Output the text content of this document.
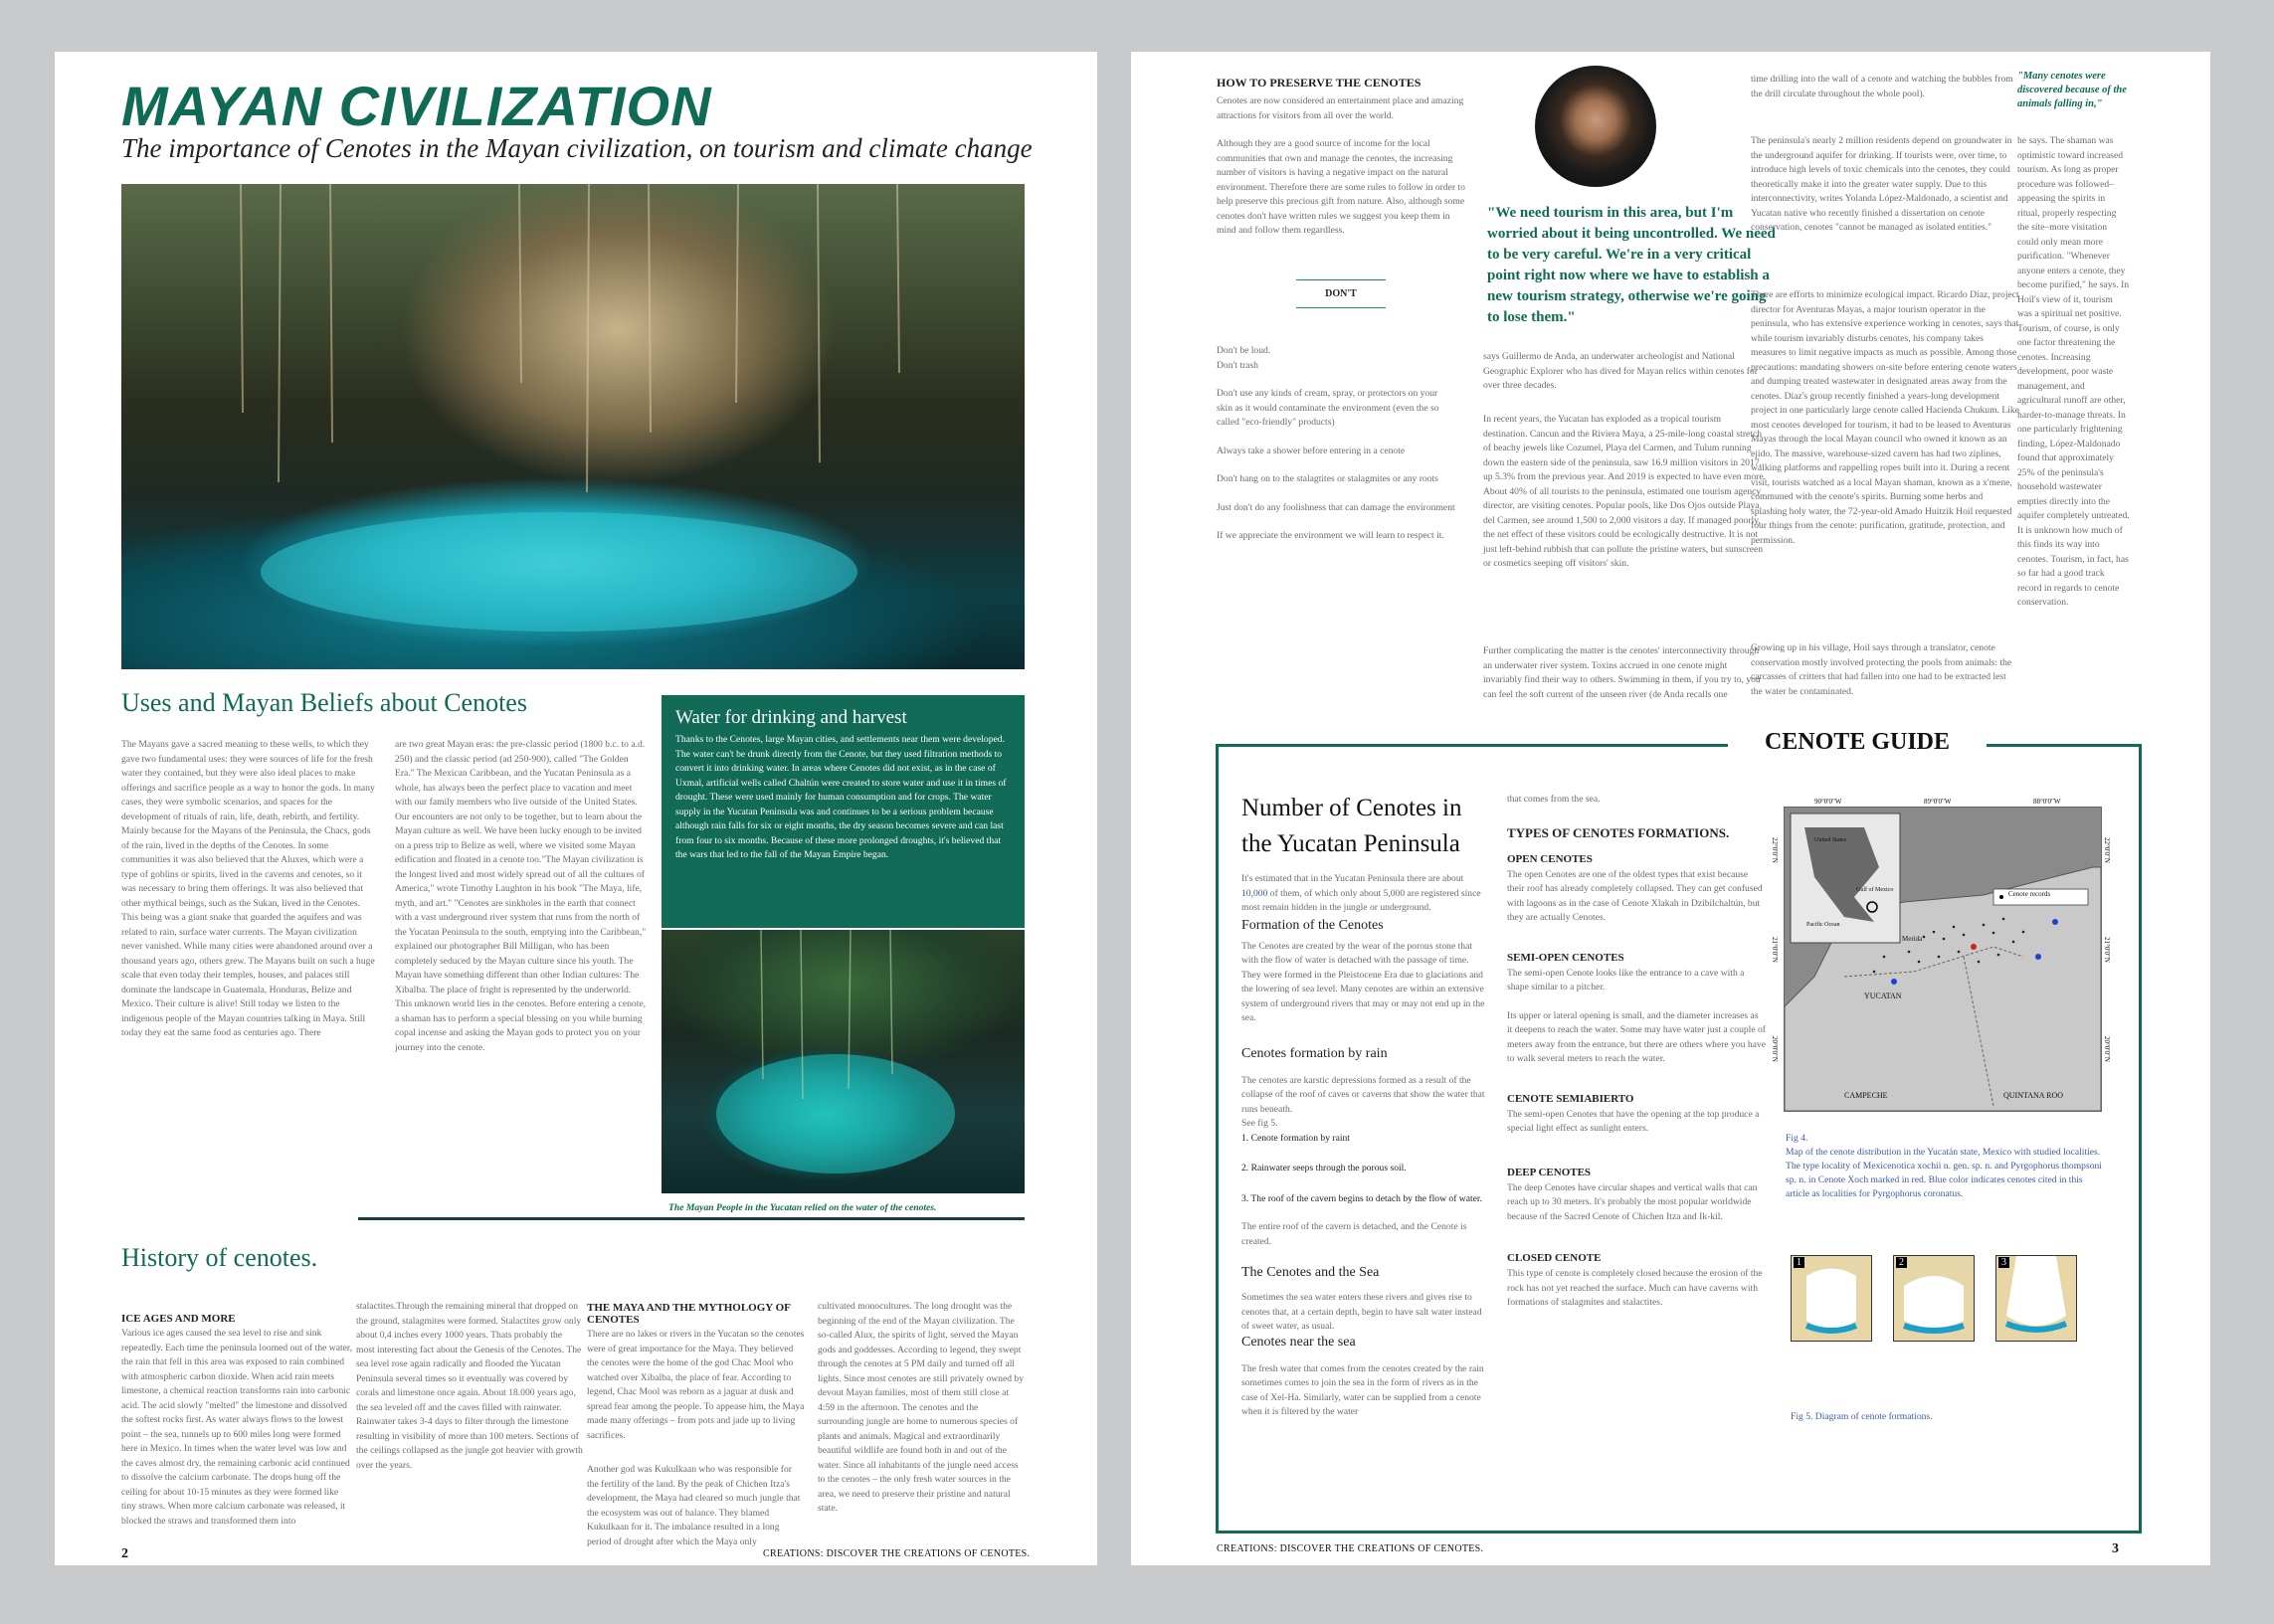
MAYAN CIVILIZATION
The importance of Cenotes in the Mayan civilization, on tourism and climate change
Uses and Mayan Beliefs about Cenotes
The Mayans gave a sacred meaning to these wells, to which they gave two fundamental uses: they were sources of life for the fresh water they contained, but they were also ideal places to make offerings and sacrifice people as a way to honor the gods. In many cases, they were symbolic scenarios, and spaces for the development of rituals of rain, life, death, rebirth, and fertility. Mainly because for the Mayans of the Peninsula, the Chacs, gods of the rain, lived in the depths of the Cenotes. In some communities it was also believed that the Aluxes, which were a type of goblins or spirits, lived in the caverns and cenotes, so it was necessary to bring them offerings. It was also believed that other mythical beings, such as the Sukan, lived in the Cenotes. This being was a giant snake that guarded the aquifers and was related to rain, surface water currents. The Mayan civilization never vanished. While many cities were abandoned around over a thousand years ago, others grew. The Mayans built on such a huge scale that even today their temples, houses, and palaces still dominate the landscape in Guatemala, Honduras, Belize and Mexico. Their culture is alive! Still today we listen to the indigenous people of the Mayan countries talking in Maya. Still today they eat the same food as centuries ago. There
are two great Mayan eras: the pre-classic period (1800 b.c. to a.d. 250) and the classic period (ad 250-900), called "The Golden Era." The Mexican Caribbean, and the Yucatan Peninsula as a whole, has always been the perfect place to vacation and meet with our family members who live outside of the United States. Our encounters are not only to be together, but to learn about the Mayan culture as well. We have been lucky enough to be invited on a press trip to Belize as well, where we visited some Mayan edification and floated in a cenote too."The Mayan civilization is the longest lived and most widely spread out of all the cultures of America," wrote Timothy Laughton in his book "The Maya, life, myth, and art." "Cenotes are sinkholes in the earth that connect with a vast underground river system that runs from the north of the Yucatan Peninsula to the south, emptying into the Caribbean," explained our photographer Bill Milligan, who has been completely seduced by the Mayan culture since his youth. The Mayan have something different than other Indian cultures: The Xibalba. The place of fright is represented by the underworld. This unknown world lies in the cenotes. Before entering a cenote, a shaman has to perform a special blessing on you while burning copal incense and asking the Mayan gods to protect you on your journey into the cenote.
Water for drinking and harvest
Thanks to the Cenotes, large Mayan cities, and settlements near them were developed. The water can't be drunk directly from the Cenote, but they used filtration methods to convert it into drinking water. In areas where Cenotes did not exist, as in the case of Uxmal, artificial wells called Chaltún were created to store water and use it in times of drought. These were used mainly for human consumption and for crops. The water supply in the Yucatan Peninsula was and continues to be a serious problem because although rain falls for six or eight months, the dry season becomes severe and can last from four to six months. Because of these more prolonged droughts, it's believed that the wars that led to the fall of the Mayan Empire began.
The Mayan People in the Yucatan relied on the water of the cenotes.
History of cenotes.
ICE AGES AND MORE
Various ice ages caused the sea level to rise and sink repeatedly. Each time the peninsula loomed out of the water, the rain that fell in this area was exposed to rain combined with atmospheric carbon dioxide. When acid rain meets limestone, a chemical reaction transforms rain into carbonic acid. The acid slowly "melted" the limestone and dissolved the softest rocks first. As water always flows to the lowest point – the sea, tunnels up to 600 miles long were formed here in Mexico. In times when the water level was low and the caves almost dry, the remaining carbonic acid continued to dissolve the calcium carbonate. The drops hung off the ceiling for about 10-15 minutes as they were formed like tiny straws. When more calcium carbonate was released, it blocked the straws and transformed them into
stalactites.Through the remaining mineral that dropped on the ground, stalagmites were formed. Stalactites grow only about 0,4 inches every 1000 years. Thats probably the most interesting fact about the Genesis of the Cenotes. The sea level rose again radically and flooded the Yucatan Peninsula several times so it eventually was covered by corals and limestone once again. About 18.000 years ago, the sea leveled off and the caves filled with rainwater. Rainwater takes 3-4 days to filter through the limestone resulting in visibility of more than 100 meters. Sections of the ceilings collapsed as the jungle got heavier with growth over the years.
THE MAYA AND THE MYTHOLOGY OF CENOTES
There are no lakes or rivers in the Yucatan so the cenotes were of great importance for the Maya. They believed the cenotes were the home of the god Chac Mool who watched over Xibalba, the place of fear. According to legend, Chac Mool was reborn as a jaguar at dusk and spread fear among the people. To appease him, the Maya made many offerings – from pots and jade up to living sacrifices.
Another god was Kukulkaan who was responsible for the fertility of the land. By the peak of Chichen Itza's development, the Maya had cleared so much jungle that the ecosystem was out of balance. They blamed Kukulkaan for it. The imbalance resulted in a long period of drought after which the Maya only
cultivated monocultures. The long drought was the beginning of the end of the Mayan civilization. The so-called Alux, the spirits of light, served the Mayan gods and goddesses. According to legend, they swept through the cenotes at 5 PM daily and turned off all lights. Since most cenotes are still privately owned by devout Mayan families, most of them still close at 4:59 in the afternoon. The cenotes and the surrounding jungle are home to numerous species of plants and animals. Magical and extraordinarily beautiful wildlife are found both in and out of the water. Since all inhabitants of the jungle need access to the cenotes – the only fresh water sources in the area, we need to preserve their pristine and natural state.
2	CREATIONS: DISCOVER THE CREATIONS OF CENOTES.
HOW TO PRESERVE THE CENOTES
Cenotes are now considered an entertainment place and amazing attractions for visitors from all over the world.
Although they are a good source of income for the local communities that own and manage the cenotes, the increasing number of visitors is having a negative impact on the natural environment. Therefore there are some rules to follow in order to help preserve this precious gift from nature. Also, although some cenotes don't have written rules we suggest you keep them in mind and follow them regardless.
DON'T

Don't be loud.
Don't trash

Don't use any kinds of cream, spray, or protectors on your skin as it would contaminate the environment (even the so called "eco-friendly" products)

Always take a shower before entering in a cenote

Don't hang on to the stalagtites or stalagmites or any roots

Just don't do any foolishness that can damage the environment

If we appreciate the environment we will learn to respect it.

"We need tourism in this area, but I'm worried about it being uncontrolled. We need to be very careful. We're in a very critical point right now where we have to establish a new tourism strategy, otherwise we're going to lose them."

says Guillermo de Anda, an underwater archeologist and National Geographic Explorer who has dived for Mayan relics within cenotes for over three decades.
In recent years, the Yucatan has exploded as a tropical tourism destination. Cancun and the Riviera Maya, a 25-mile-long coastal stretch of beachy jewels like Cozumel, Playa del Carmen, and Tulum running down the eastern side of the peninsula, saw 16.9 million visitors in 2017, up 5.3% from the previous year. And 2019 is expected to have even more. About 40% of all tourists to the peninsula, estimated one tourism agency director, are visiting cenotes. Popular pools, like Dos Ojos outside Playa del Carmen, see around 1,500 to 2,000 visitors a day. If managed poorly, the net effect of these visitors could be ecologically destructive. It is not just left-behind rubbish that can pollute the pristine waters, but sunscreen or cosmetics seeping off visitors' skin.
Further complicating the matter is the cenotes' interconnectivity through an underwater river system. Toxins accrued in one cenote might invariably find their way to others. Swimming in them, if you try to, you can feel the soft current of the unseen river (de Anda recalls one
time drilling into the wall of a cenote and watching the bubbles from the drill circulate throughout the whole pool).
The peninsula's nearly 2 million residents depend on groundwater in the underground aquifer for drinking. If tourists were, over time, to introduce high levels of toxic chemicals into the cenotes, they could theoretically make it into the greater water supply. Due to this interconnectivity, writes Yolanda López-Maldonado, a scientist and Yucatan native who recently finished a dissertation on cenote conservation, cenotes "cannot be managed as isolated entities."
There are efforts to minimize ecological impact. Ricardo Díaz, project director for Aventuras Mayas, a major tourism operator in the peninsula, who has extensive experience working in cenotes, says that while tourism invariably disturbs cenotes, his company takes measures to limit negative impacts as much as possible. Among those precautions: mandating showers on-site before entering cenote waters and dumping treated wastewater in designated areas away from the cenotes. Díaz's group recently finished a years-long development project in one particularly large cenote called Hacienda Chukum. Like most cenotes developed for tourism, it had to be leased to Aventuras Mayas through the local Mayan council who owned it known as an ejido. The massive, warehouse-sized cavern has had two ziplines, walking platforms and rappelling ropes built into it. During a recent visit, tourists watched as a local Mayan shaman, known as a x'mene, communed with the cenote's spirits. Burning some herbs and splashing holy water, the 72-year-old Amado Huitzik Hoil requested four things from the cenote: purification, gratitude, protection, and permission.
Growing up in his village, Hoil says through a translator, cenote conservation mostly involved protecting the pools from animals: the carcasses of critters that had fallen into one had to be extracted lest the water be contaminated.
"Many cenotes were discovered because of the animals falling in,"
he says. The shaman was optimistic toward increased tourism. As long as proper procedure was followed–appeasing the spirits in ritual, properly respecting the site–more visitation could only mean more purification. "Whenever anyone enters a cenote, they become purified," he says. In Hoil's view of it, tourism was a spiritual net positive. Tourism, of course, is only one factor threatening the cenotes. Increasing development, poor waste management, and agricultural runoff are other, harder-to-manage threats. In one particularly frightening finding, López-Maldonado found that approximately 25% of the peninsula's household wastewater empties directly into the aquifer completely untreated. It is unknown how much of this finds its way into cenotes. Tourism, in fact, has so far had a good track record in regards to cenote conservation.
CENOTE GUIDE
Number of Cenotes in the Yucatan Peninsula
It's estimated that in the Yucatan Peninsula there are about 10,000 of them, of which only about 5,000 are registered since most remain hidden in the jungle or underground.
Formation of the Cenotes
The Cenotes are created by the wear of the porous stone that with the flow of water is detached with the passage of time. They were formed in the Pleistocene Era due to glaciations and the lowering of sea level. Many cenotes are within an extensive system of underground rivers that may or may not end up in the sea.
Cenotes formation by rain
The cenotes are karstic depressions formed as a result of the collapse of the roof of caves or caverns that show the water that runs beneath.
See fig 5.

1. Cenote formation by raint

2. Rainwater seeps through the porous soil.

3. The roof of the cavern begins to detach by the flow of water.

The entire roof of the cavern is detached, and the Cenote is created.
The Cenotes and the Sea
Sometimes the sea water enters these rivers and gives rise to cenotes that, at a certain depth, begin to have salt water instead of sweet water, as usual.
Cenotes near the sea
The fresh water that comes from the cenotes created by the rain sometimes comes to join the sea in the form of rivers as in the case of Xel-Ha. Similarly, water can be supplied from a cenote when it is filtered by the water
that comes from the sea.
TYPES OF CENOTES FORMATIONS.
OPEN CENOTES
The open Cenotes are one of the oldest types that exist because their roof has already completely collapsed. They can get confused with lagoons as in the case of Cenote Xlakah in Dzibilchaltún, but they are actually Cenotes.
SEMI-OPEN CENOTES
The semi-open Cenote looks like the entrance to a cave with a shape similar to a pitcher.
Its upper or lateral opening is small, and the diameter increases as it deepens to reach the water. Some may have water just a couple of meters away from the entrance, but there are others where you have to walk several meters to reach the water.
CENOTE SEMIABIERTO
The semi-open Cenotes that have the opening at the top produce a special light effect as sunlight enters.
DEEP CENOTES
The deep Cenotes have circular shapes and vertical walls that can reach up to 30 meters. It's probably the most popular worldwide because of the Sacred Cenote of Chichen Itza and Ik-kil.
CLOSED CENOTE
This type of cenote is completely closed because the erosion of the rock has not yet reached the surface. Much can have caverns with formations of stalagmites and stalactites.
Cenote records
90°0'0"W	89°0'0"W	88°0'0"W
22°0'0"N
21°0'0"N
20°0'0"N
22°0'0"N
21°0'0"N
20°0'0"N
United States
Gulf of Mexico
Pacific Ocean
YUCATAN
CAMPECHE	QUINTANA ROO
Merida
Fig 4.
Map of the cenote distribution in the Yucatán state, Mexico with studied localities. The type locality of Mexicenotica xochii n. gen. sp. n. and Pyrgophorus thompsoni sp. n. in Cenote Xoch marked in red. Blue color indicates cenotes cited in this article as localities for Pyrgophorus coronatus.
1	2	3
Fig 5. Diagram of cenote formations.
CREATIONS: DISCOVER THE CREATIONS OF CENOTES.	3
